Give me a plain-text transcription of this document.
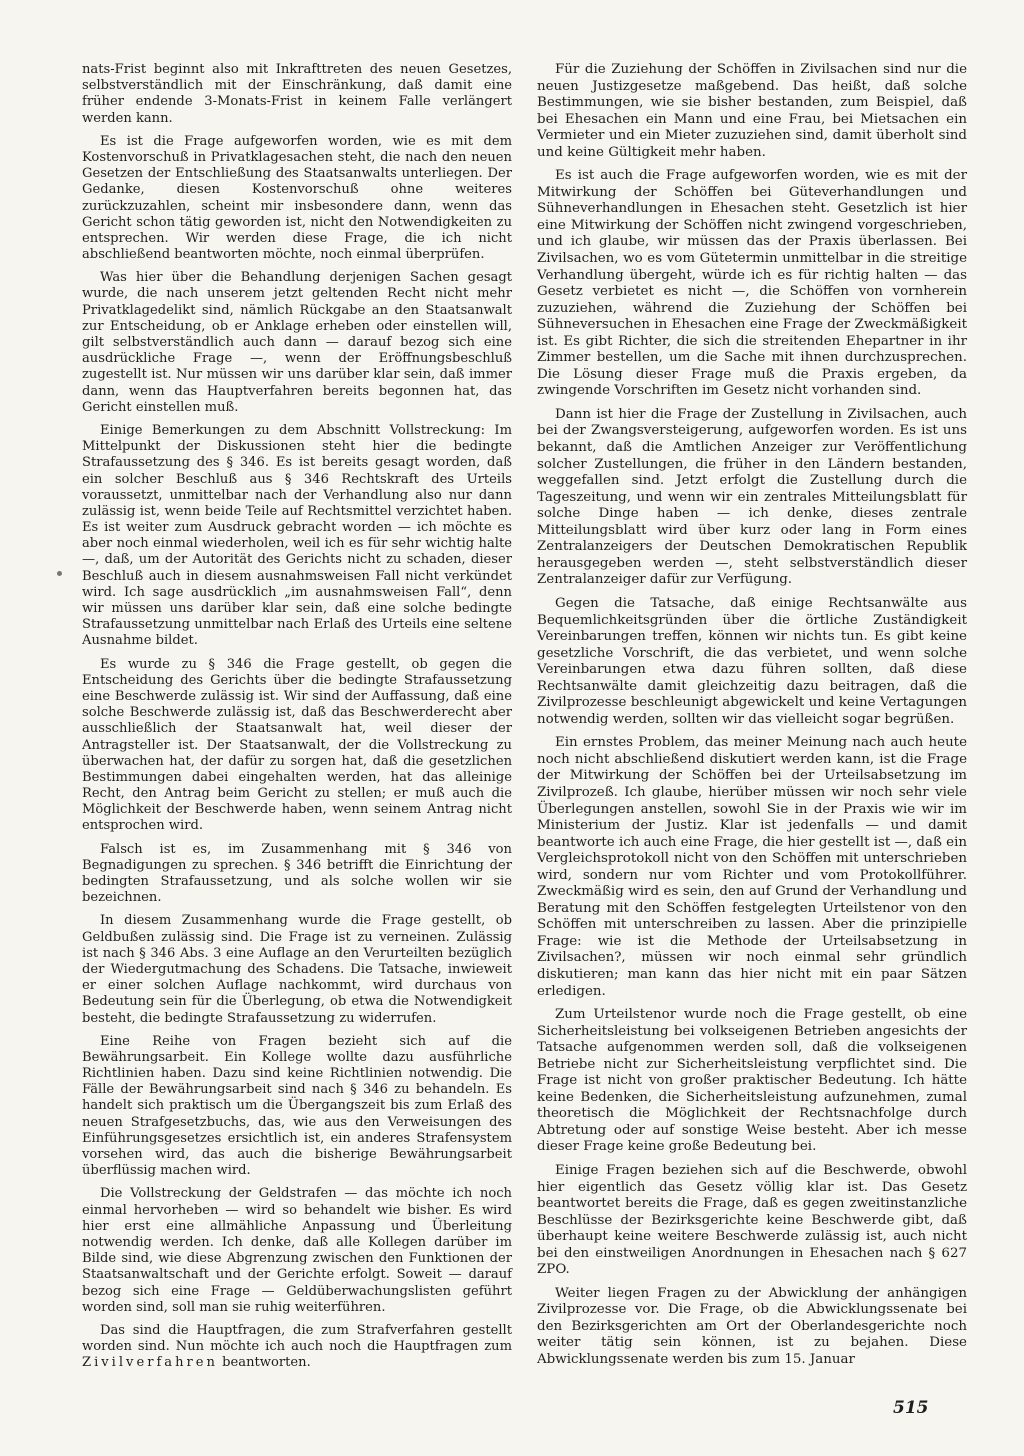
nats-Frist beginnt also mit Inkrafttreten des neuen Gesetzes, selbstverständlich mit der Einschränkung, daß damit eine früher endende 3-Monats-Frist in keinem Falle verlängert werden kann.

Es ist die Frage aufgeworfen worden, wie es mit dem Kostenvorschuß in Privatklagesachen steht, die nach den neuen Gesetzen der Entschließung des Staatsanwalts unterliegen. Der Gedanke, diesen Kostenvorschuß ohne weiteres zurückzuzahlen, scheint mir insbesondere dann, wenn das Gericht schon tätig geworden ist, nicht den Notwendigkeiten zu entsprechen. Wir werden diese Frage, die ich nicht abschließend beantworten möchte, noch einmal überprüfen.

Was hier über die Behandlung derjenigen Sachen gesagt wurde, die nach unserem jetzt geltenden Recht nicht mehr Privatklagedelikt sind, nämlich Rückgabe an den Staatsanwalt zur Entscheidung, ob er Anklage erheben oder einstellen will, gilt selbstverständlich auch dann — darauf bezog sich eine ausdrückliche Frage —, wenn der Eröffnungsbeschluß zugestellt ist. Nur müssen wir uns darüber klar sein, daß immer dann, wenn das Hauptverfahren bereits begonnen hat, das Gericht einstellen muß.

Einige Bemerkungen zu dem Abschnitt Vollstreckung: Im Mittelpunkt der Diskussionen steht hier die bedingte Strafaussetzung des § 346. Es ist bereits gesagt worden, daß ein solcher Beschluß aus § 346 Rechtskraft des Urteils voraussetzt, unmittelbar nach der Verhandlung also nur dann zulässig ist, wenn beide Teile auf Rechtsmittel verzichtet haben. Es ist weiter zum Ausdruck gebracht worden — ich möchte es aber noch einmal wiederholen, weil ich es für sehr wichtig halte —, daß, um der Autorität des Gerichts nicht zu schaden, dieser Beschluß auch in diesem ausnahmsweisen Fall nicht verkündet wird. Ich sage ausdrücklich „im ausnahmsweisen Fall“, denn wir müssen uns darüber klar sein, daß eine solche bedingte Strafaussetzung unmittelbar nach Erlaß des Urteils eine seltene Ausnahme bildet.

Es wurde zu § 346 die Frage gestellt, ob gegen die Entscheidung des Gerichts über die bedingte Strafaussetzung eine Beschwerde zulässig ist. Wir sind der Auffassung, daß eine solche Beschwerde zulässig ist, daß das Beschwerderecht aber ausschließlich der Staatsanwalt hat, weil dieser der Antragsteller ist. Der Staatsanwalt, der die Vollstreckung zu überwachen hat, der dafür zu sorgen hat, daß die gesetzlichen Bestimmungen dabei eingehalten werden, hat das alleinige Recht, den Antrag beim Gericht zu stellen; er muß auch die Möglichkeit der Beschwerde haben, wenn seinem Antrag nicht entsprochen wird.

Falsch ist es, im Zusammenhang mit § 346 von Begnadigungen zu sprechen. § 346 betrifft die Einrichtung der bedingten Strafaussetzung, und als solche wollen wir sie bezeichnen.

In diesem Zusammenhang wurde die Frage gestellt, ob Geldbußen zulässig sind. Die Frage ist zu verneinen. Zulässig ist nach § 346 Abs. 3 eine Auflage an den Verurteilten bezüglich der Wiedergutmachung des Schadens. Die Tatsache, inwieweit er einer solchen Auflage nachkommt, wird durchaus von Bedeutung sein für die Überlegung, ob etwa die Notwendigkeit besteht, die bedingte Strafaussetzung zu widerrufen.

Eine Reihe von Fragen bezieht sich auf die Bewährungsarbeit. Ein Kollege wollte dazu ausführliche Richtlinien haben. Dazu sind keine Richtlinien notwendig. Die Fälle der Bewährungsarbeit sind nach § 346 zu behandeln. Es handelt sich praktisch um die Übergangszeit bis zum Erlaß des neuen Strafgesetzbuchs, das, wie aus den Verweisungen des Einführungsgesetzes ersichtlich ist, ein anderes Strafensystem vorsehen wird, das auch die bisherige Bewährungsarbeit überflüssig machen wird.

Die Vollstreckung der Geldstrafen — das möchte ich noch einmal hervorheben — wird so behandelt wie bisher. Es wird hier erst eine allmähliche Anpassung und Überleitung notwendig werden. Ich denke, daß alle Kollegen darüber im Bilde sind, wie diese Abgrenzung zwischen den Funktionen der Staatsanwaltschaft und der Gerichte erfolgt. Soweit — darauf bezog sich eine Frage — Geldüberwachungslisten geführt worden sind, soll man sie ruhig weiterführen.

Das sind die Hauptfragen, die zum Strafverfahren gestellt worden sind. Nun möchte ich auch noch die Hauptfragen zum Zivilverfahren beantworten.

Für die Zuziehung der Schöffen in Zivilsachen sind nur die neuen Justizgesetze maßgebend. Das heißt, daß solche Bestimmungen, wie sie bisher bestanden, zum Beispiel, daß bei Ehesachen ein Mann und eine Frau, bei Mietsachen ein Vermieter und ein Mieter zuzuziehen sind, damit überholt sind und keine Gültigkeit mehr haben.

Es ist auch die Frage aufgeworfen worden, wie es mit der Mitwirkung der Schöffen bei Güteverhandlungen und Sühneverhandlungen in Ehesachen steht. Gesetzlich ist hier eine Mitwirkung der Schöffen nicht zwingend vorgeschrieben, und ich glaube, wir müssen das der Praxis überlassen. Bei Zivilsachen, wo es vom Gütetermin unmittelbar in die streitige Verhandlung übergeht, würde ich es für richtig halten — das Gesetz verbietet es nicht —, die Schöffen von vornherein zuzuziehen, während die Zuziehung der Schöffen bei Sühneversuchen in Ehesachen eine Frage der Zweckmäßigkeit ist. Es gibt Richter, die sich die streitenden Ehepartner in ihr Zimmer bestellen, um die Sache mit ihnen durchzusprechen. Die Lösung dieser Frage muß die Praxis ergeben, da zwingende Vorschriften im Gesetz nicht vorhanden sind.

Dann ist hier die Frage der Zustellung in Zivilsachen, auch bei der Zwangsversteigerung, aufgeworfen worden. Es ist uns bekannt, daß die Amtlichen Anzeiger zur Veröffentlichung solcher Zustellungen, die früher in den Ländern bestanden, weggefallen sind. Jetzt erfolgt die Zustellung durch die Tageszeitung, und wenn wir ein zentrales Mitteilungsblatt für solche Dinge haben — ich denke, dieses zentrale Mitteilungsblatt wird über kurz oder lang in Form eines Zentralanzeigers der Deutschen Demokratischen Republik herausgegeben werden —, steht selbstverständlich dieser Zentralanzeiger dafür zur Verfügung.

Gegen die Tatsache, daß einige Rechtsanwälte aus Bequemlichkeitsgründen über die örtliche Zuständigkeit Vereinbarungen treffen, können wir nichts tun. Es gibt keine gesetzliche Vorschrift, die das verbietet, und wenn solche Vereinbarungen etwa dazu führen sollten, daß diese Rechtsanwälte damit gleichzeitig dazu beitragen, daß die Zivilprozesse beschleunigt abgewickelt und keine Vertagungen notwendig werden, sollten wir das vielleicht sogar begrüßen.

Ein ernstes Problem, das meiner Meinung nach auch heute noch nicht abschließend diskutiert werden kann, ist die Frage der Mitwirkung der Schöffen bei der Urteilsabsetzung im Zivilprozeß. Ich glaube, hierüber müssen wir noch sehr viele Überlegungen anstellen, sowohl Sie in der Praxis wie wir im Ministerium der Justiz. Klar ist jedenfalls — und damit beantworte ich auch eine Frage, die hier gestellt ist —, daß ein Vergleichsprotokoll nicht von den Schöffen mit unterschrieben wird, sondern nur vom Richter und vom Protokollführer. Zweckmäßig wird es sein, den auf Grund der Verhandlung und Beratung mit den Schöffen festgelegten Urteilstenor von den Schöffen mit unterschreiben zu lassen. Aber die prinzipielle Frage: wie ist die Methode der Urteilsabsetzung in Zivilsachen?, müssen wir noch einmal sehr gründlich diskutieren; man kann das hier nicht mit ein paar Sätzen erledigen.

Zum Urteilstenor wurde noch die Frage gestellt, ob eine Sicherheitsleistung bei volkseigenen Betrieben angesichts der Tatsache aufgenommen werden soll, daß die volkseigenen Betriebe nicht zur Sicherheitsleistung verpflichtet sind. Die Frage ist nicht von großer praktischer Bedeutung. Ich hätte keine Bedenken, die Sicherheitsleistung aufzunehmen, zumal theoretisch die Möglichkeit der Rechtsnachfolge durch Abtretung oder auf sonstige Weise besteht. Aber ich messe dieser Frage keine große Bedeutung bei.

Einige Fragen beziehen sich auf die Beschwerde, obwohl hier eigentlich das Gesetz völlig klar ist. Das Gesetz beantwortet bereits die Frage, daß es gegen zweitinstanzliche Beschlüsse der Bezirksgerichte keine Beschwerde gibt, daß überhaupt keine weitere Beschwerde zulässig ist, auch nicht bei den einstweiligen Anordnungen in Ehesachen nach § 627 ZPO.

Weiter liegen Fragen zu der Abwicklung der anhängigen Zivilprozesse vor. Die Frage, ob die Abwicklungssenate bei den Bezirksgerichten am Ort der Oberlandesgerichte noch weiter tätig sein können, ist zu bejahen. Diese Abwicklungssenate werden bis zum 15. Januar

515
